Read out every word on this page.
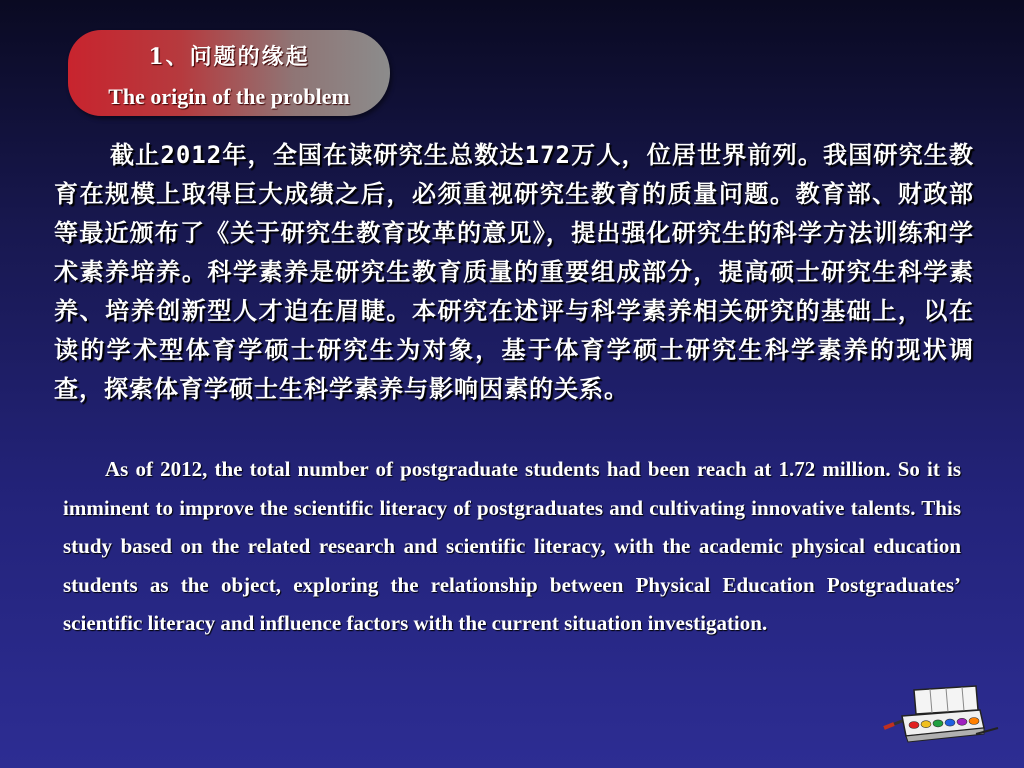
1、问题的缘起
The origin of the problem

截止2012年，全国在读研究生总数达172万人，位居世界前列。我国研究生教育在规模上取得巨大成绩之后，必须重视研究生教育的质量问题。教育部、财政部等最近颁布了《关于研究生教育改革的意见》，提出强化研究生的科学方法训练和学术素养培养。科学素养是研究生教育质量的重要组成部分，提高硕士研究生科学素养、培养创新型人才迫在眉睫。本研究在述评与科学素养相关研究的基础上，以在读的学术型体育学硕士研究生为对象，基于体育学硕士研究生科学素养的现状调查，探索体育学硕士生科学素养与影响因素的关系。

As of 2012, the total number of postgraduate students had been reach at 1.72 million. So it is imminent to improve the scientific literacy of postgraduates and cultivating innovative talents. This study based on the related research and scientific literacy, with the academic physical education students as the object, exploring the relationship between Physical Education Postgraduates’ scientific literacy and influence factors with the current situation investigation.
